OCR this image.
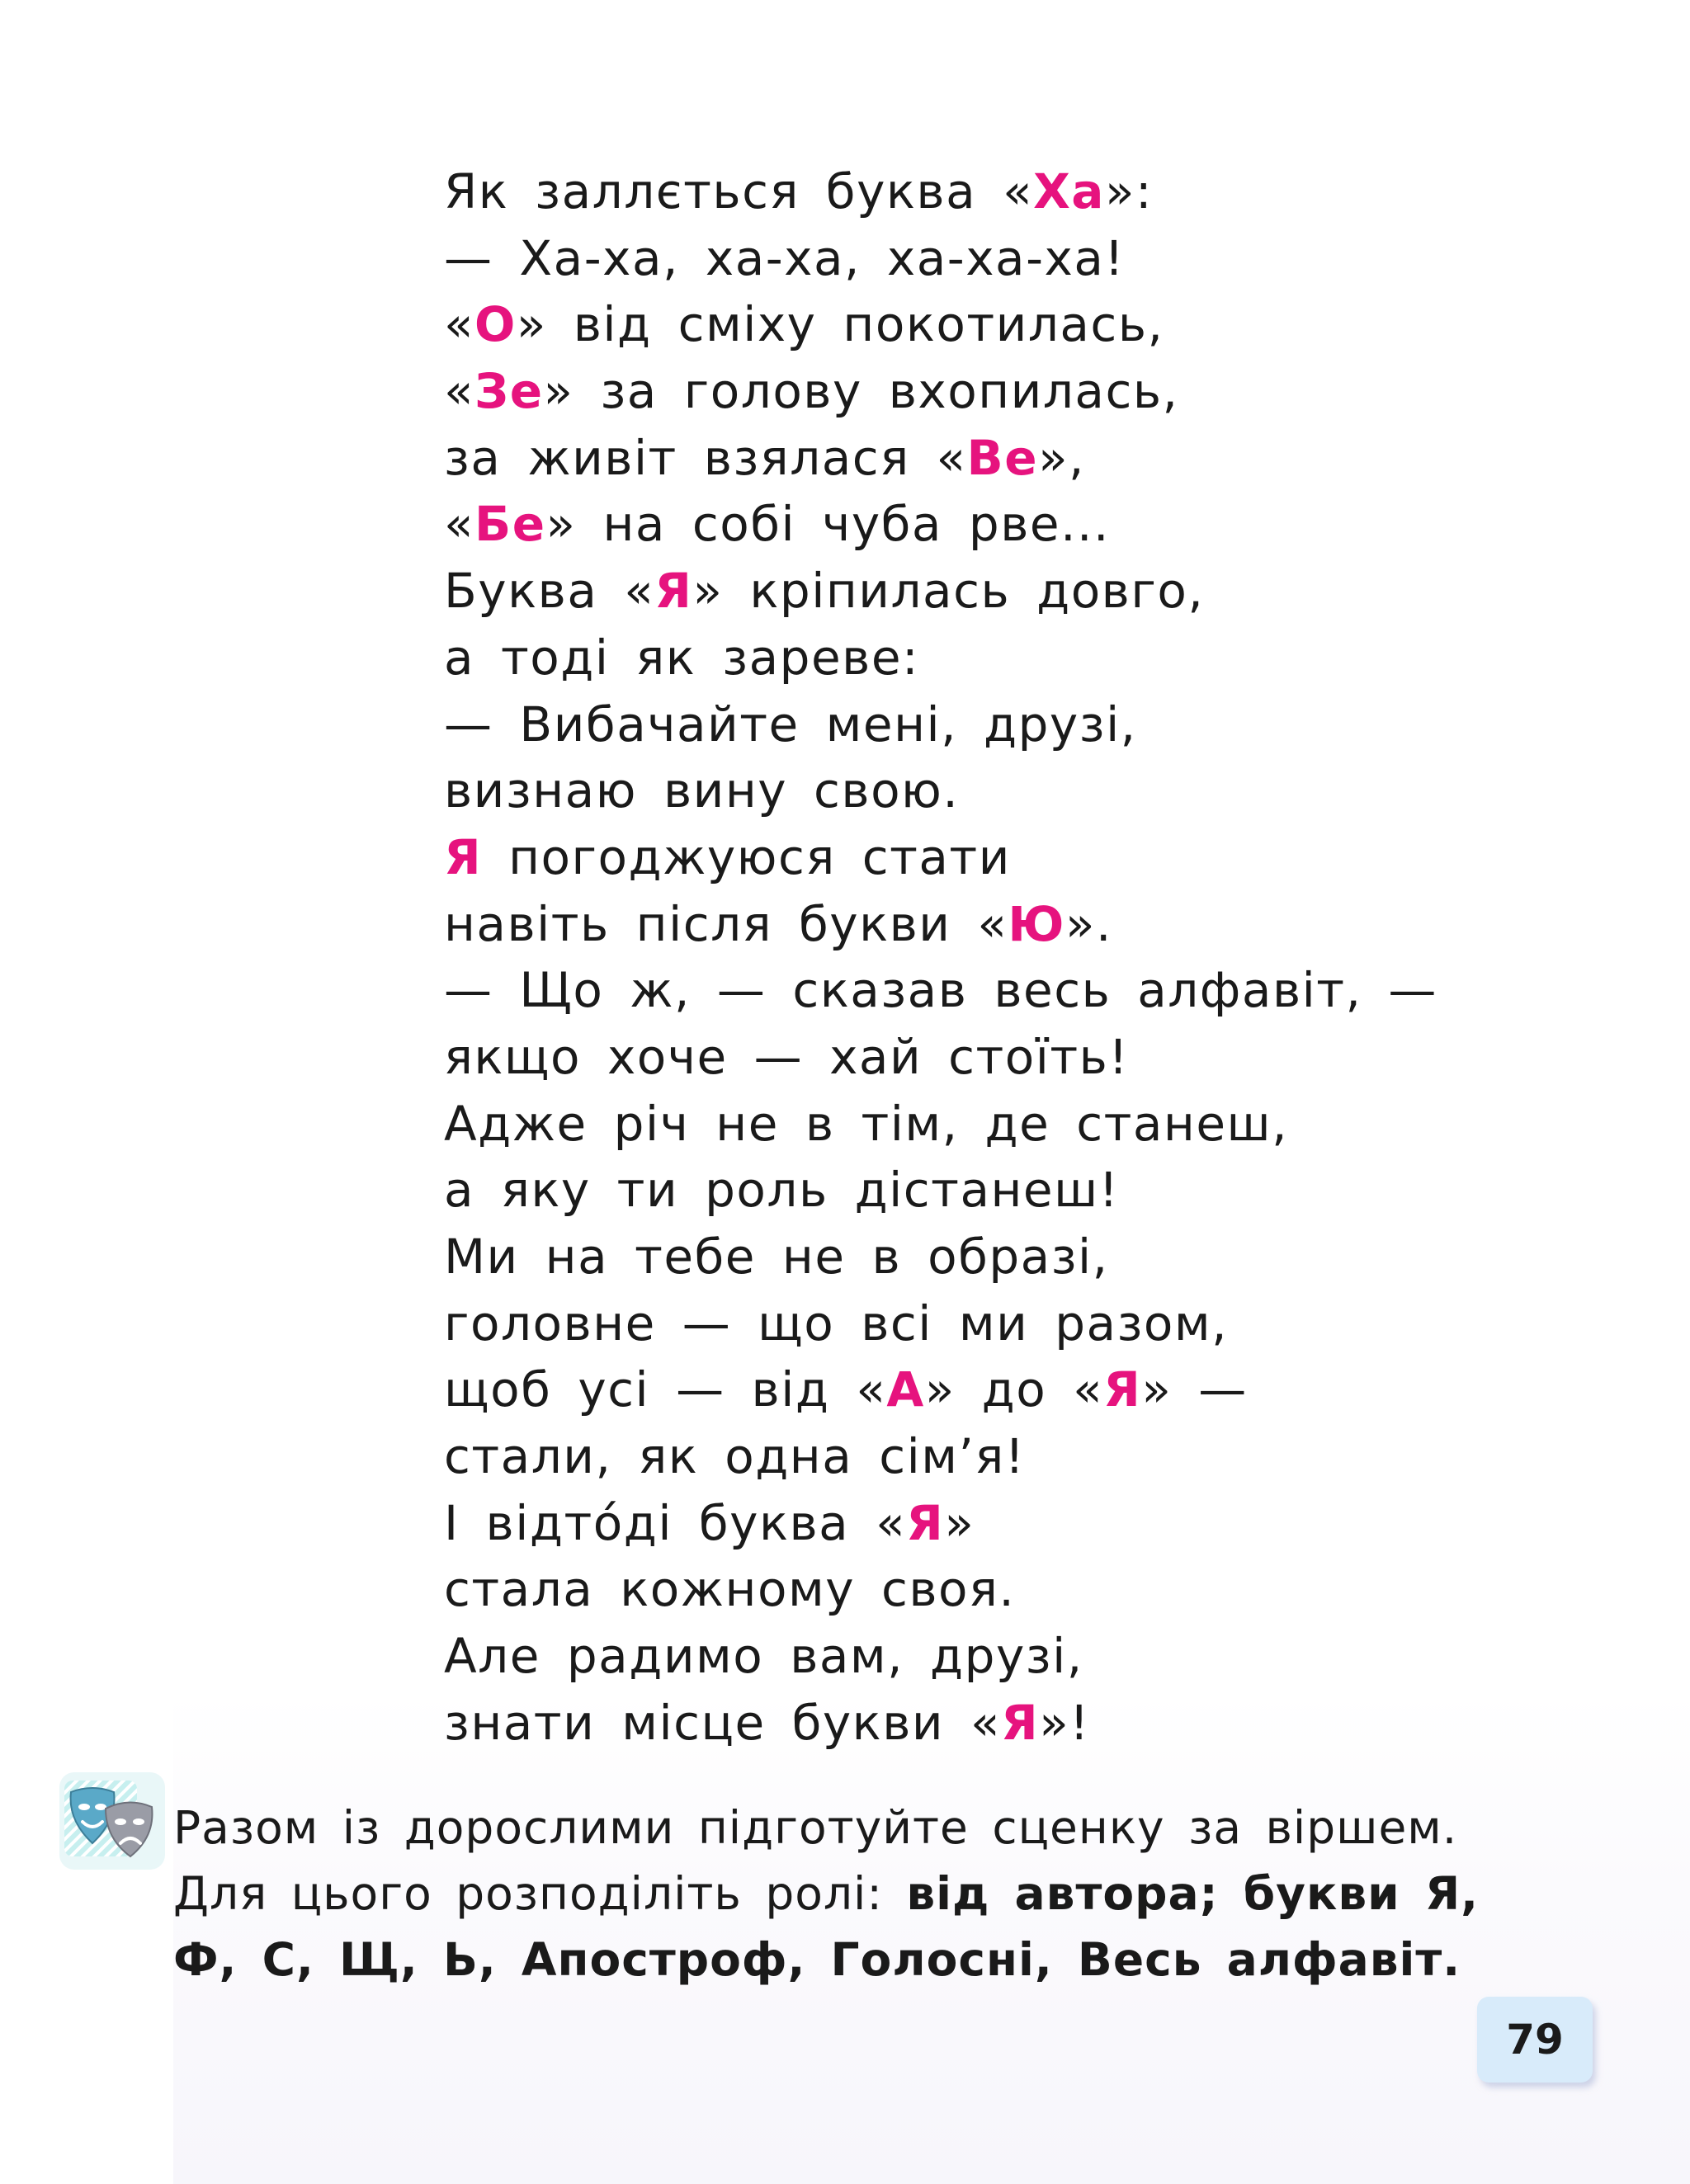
Як заллється буква «Ха»:
— Ха-ха, ха-ха, ха-ха-ха!
«О» від сміху покотилась,
«Зе» за голову вхопилась,
за живіт взялася «Ве»,
«Бе» на собі чуба рве...
Буква «Я» кріпилась довго,
а тоді як зареве:
— Вибачайте мені, друзі,
визнаю вину свою.
Я погоджуюся стати
навіть після букви «Ю».
— Що ж, — сказав весь алфавіт, —
якщо хоче — хай стоїть!
Адже річ не в тім, де станеш,
а яку ти роль дістанеш!
Ми на тебе не в образі,
головне — що всі ми разом,
щоб усі — від «А» до «Я» —
стали, як одна сім’я!
І відто́ді буква «Я»
стала кожному своя.
Але радимо вам, друзі,
знати місце букви «Я»!
Разом із дорослими підготуйте сценку за віршем. Для цього розподіліть ролі: від автора; букви Я, Ф, С, Щ, Ь, Апостроф, Голосні, Весь алфавіт.
79
